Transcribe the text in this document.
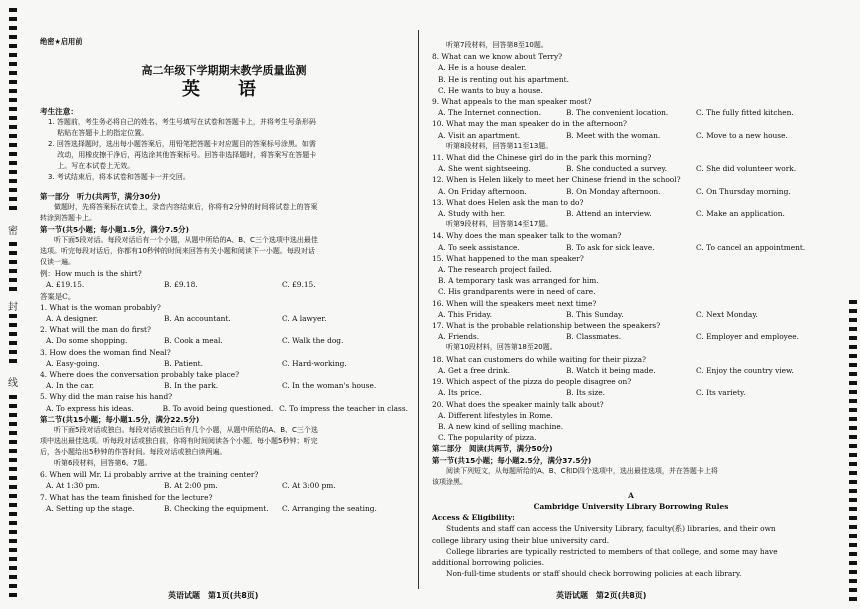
密
封
线
绝密★启用前
高二年级下学期期末教学质量监测
英　语
考生注意：
1. 答题前，考生务必将自己的姓名、考生号填写在试卷和答题卡上，并将考生号条形码
　 粘贴在答题卡上的指定位置。
2. 回答选择题时，选出每小题答案后，用铅笔把答题卡对应题目的答案标号涂黑。如需
　 改动，用橡皮擦干净后，再选涂其他答案标号。回答非选择题时，将答案写在答题卡
　 上。写在本试卷上无效。
3. 考试结束后，将本试卷和答题卡一并交回。
第一部分　听力(共两节，满分30分)
做题时，先将答案标在试卷上，录音内容结束后，你将有2分钟的时间将试卷上的答案
转涂到答题卡上。
第一节(共5小题；每小题1.5分，满分7.5分)
听下面5段对话。每段对话后有一个小题，从题中所给的A、B、C三个选项中选出最佳
选项。听完每段对话后，你都有10秒钟的时间来回答有关小题和阅读下一小题。每段对话
仅读一遍。
例：How much is the shirt?
A. £19.15.	B. £9.18.	C. £9.15.
答案是C。
1. What is the woman probably?
A. A designer.	B. An accountant.	C. A lawyer.
2. What will the man do first?
A. Do some shopping.	B. Cook a meal.	C. Walk the dog.
3. How does the woman find Neal?
A. Easy-going.	B. Patient.	C. Hard-working.
4. Where does the conversation probably take place?
A. In the car.	B. In the park.	C. In the woman's house.
5. Why did the man raise his hand?
A. To express his ideas.	B. To avoid being questioned. C. To impress the teacher in class.
第二节(共15小题；每小题1.5分，满分22.5分)
听下面5段对话或独白。每段对话或独白后有几个小题，从题中所给的A、B、C三个选
项中选出最佳选项。听每段对话或独白前，你将有时间阅读各个小题，每小题5秒钟；听完
后，各小题给出5秒钟的作答时间。每段对话或独白读两遍。
听第6段材料，回答第6、7题。
6. When will Mr. Li probably arrive at the training center?
A. At 1:30 pm.	B. At 2:00 pm.	C. At 3:00 pm.
7. What has the team finished for the lecture?
A. Setting up the stage.	B. Checking the equipment.	C. Arranging the seating.
英语试题　第1页(共8页)
听第7段材料，回答第8至10题。
8. What can we know about Terry?
A. He is a house dealer.
B. He is renting out his apartment.
C. He wants to buy a house.
9. What appeals to the man speaker most?
A. The Internet connection.	B. The convenient location.	C. The fully fitted kitchen.
10. What may the man speaker do in the afternoon?
A. Visit an apartment.	B. Meet with the woman.	C. Move to a new house.
听第8段材料，回答第11至13题。
11. What did the Chinese girl do in the park this morning?
A. She went sightseeing.	B. She conducted a survey.	C. She did volunteer work.
12. When is Helen likely to meet her Chinese friend in the school?
A. On Friday afternoon.	B. On Monday afternoon.	C. On Thursday morning.
13. What does Helen ask the man to do?
A. Study with her.	B. Attend an interview.	C. Make an application.
听第9段材料，回答第14至17题。
14. Why does the man speaker talk to the woman?
A. To seek assistance.	B. To ask for sick leave.	C. To cancel an appointment.
15. What happened to the man speaker?
A. The research project failed.
B. A temporary task was arranged for him.
C. His grandparents were in need of care.
16. When will the speakers meet next time?
A. This Friday.	B. This Sunday.	C. Next Monday.
17. What is the probable relationship between the speakers?
A. Friends.	B. Classmates.	C. Employer and employee.
听第10段材料，回答第18至20题。
18. What can customers do while waiting for their pizza?
A. Get a free drink.	B. Watch it being made.	C. Enjoy the country view.
19. Which aspect of the pizza do people disagree on?
A. Its price.	B. Its size.	C. Its variety.
20. What does the speaker mainly talk about?
A. Different lifestyles in Rome.
B. A new kind of selling machine.
C. The popularity of pizza.
第二部分　阅读(共两节，满分50分)
第一节(共15小题；每小题2.5分，满分37.5分)
阅读下列短文，从每题所给的A、B、C和D四个选项中，选出最佳选项，并在答题卡上将
该项涂黑。
A
Cambridge University Library Borrowing Rules
Access & Eligibility:
Students and staff can access the University Library, faculty(系) libraries, and their own
college library using their blue university card.
College libraries are typically restricted to members of that college, and some may have
additional borrowing policies.
Non-full-time students or staff should check borrowing policies at each library.
英语试题　第2页(共8页)
